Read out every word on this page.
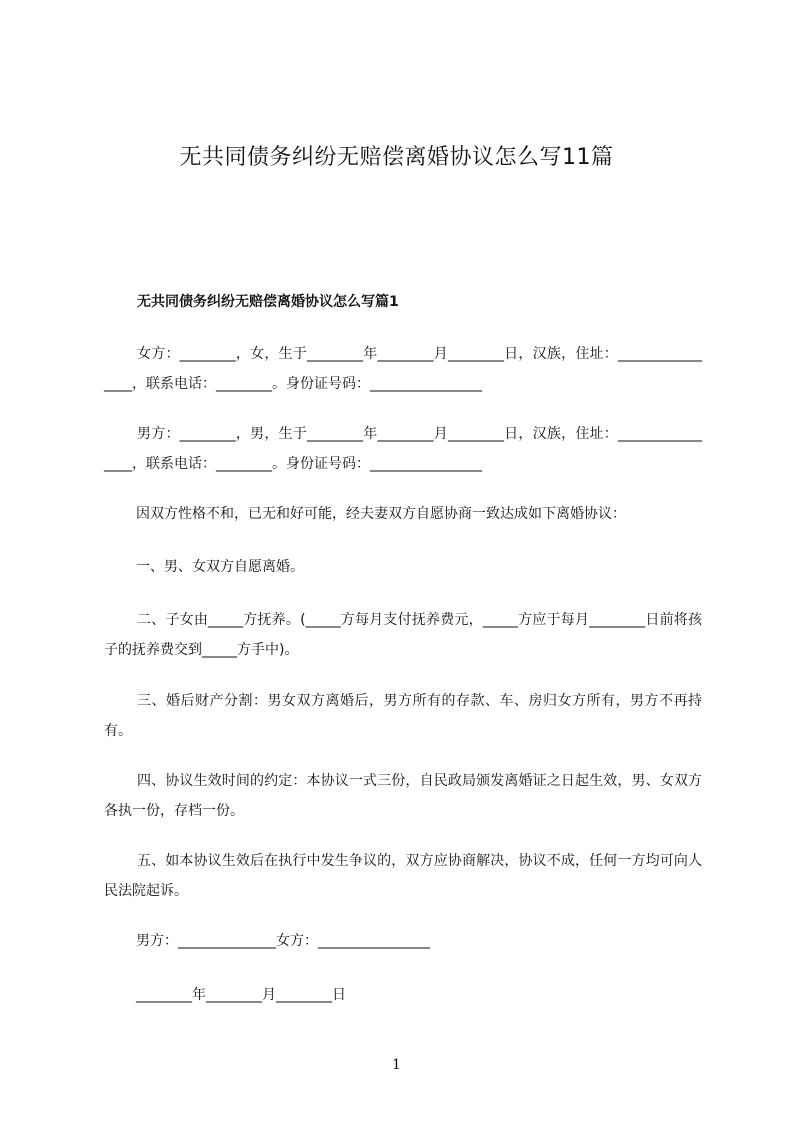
无共同债务纠纷无赔偿离婚协议怎么写11篇
无共同债务纠纷无赔偿离婚协议怎么写篇1
女方：________，女，生于________年________月________日，汉族，住址：________________，联系电话：________。身份证号码：________________
男方：________，男，生于________年________月________日，汉族，住址：________________，联系电话：________。身份证号码：________________
因双方性格不和，已无和好可能，经夫妻双方自愿协商一致达成如下离婚协议：
一、男、女双方自愿离婚。
二、子女由_____方抚养。(_____方每月支付抚养费元，_____方应于每月________日前将孩子的抚养费交到_____方手中)。
三、婚后财产分割：男女双方离婚后，男方所有的存款、车、房归女方所有，男方不再持有。
四、协议生效时间的约定：本协议一式三份，自民政局颁发离婚证之日起生效，男、女双方各执一份，存档一份。
五、如本协议生效后在执行中发生争议的，双方应协商解决，协议不成，任何一方均可向人民法院起诉。
男方：______________女方：________________
________年________月________日
1
